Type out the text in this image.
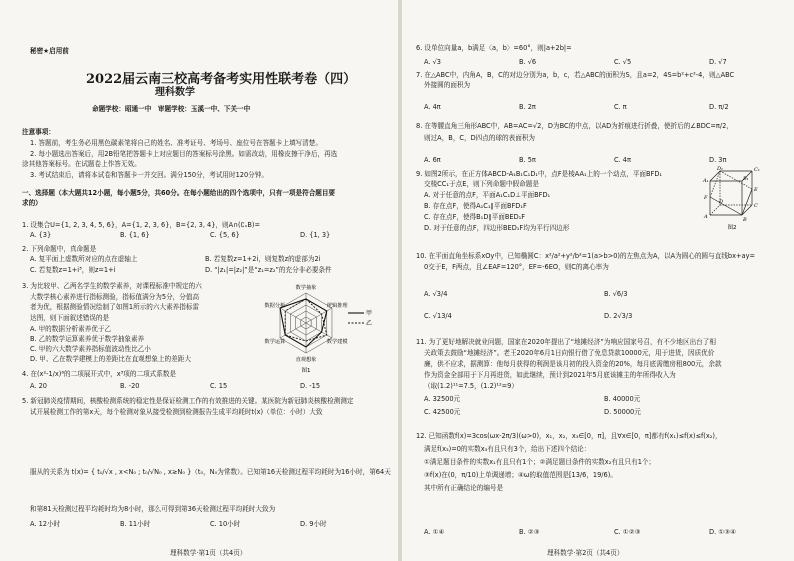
秘密★启用前
2022届云南三校高考备考实用性联考卷（四）
理科数学
命题学校：昭通一中　审题学校：玉溪一中、下关一中
注意事项：
1. 答题前，考生务必用黑色碳素笔将自己的姓名、准考证号、考场号、座位号在答题卡上填写清楚。
2. 每小题选出答案后，用2B铅笔把答题卡上对应题目的答案标号涂黑。如需改动，用橡皮擦干净后，再选
涂其他答案标号。在试题卷上作答无效。
3. 考试结束后，请将本试卷和答题卡一并交回。满分150分，考试用时120分钟。
一、选择题（本大题共12小题，每小题5分，共60分。在每小题给出的四个选项中，只有一项是符合题目要
求的）
1. 设集合U={1, 2, 3, 4, 5, 6}，A={1, 2, 3, 6}，B={2, 3, 4}，则A∩(∁ᵤB)=
A. {3}	B. {1, 6}	C. {5, 6}	D. {1, 3}
2. 下列命题中，真命题是
A. 复平面上虚数所对应的点在虚轴上	B. 若复数z=1+2i，则复数z的虚部为2i
C. 若复数z=1+i³，则z=1+i	D. “|z₁|=|z₂|”是“z₁=z₂”的充分非必要条件
3. 为比较甲、乙两名学生的数学素养，对课程标准中规定的六
大数学核心素养进行指标测验，指标值满分为5分，分值高
者为优，根据测验情况绘制了如图1所示的六大素养指标雷
达图，则下面叙述错误的是
A. 甲的数据分析素养优于乙
B. 乙的数学运算素养优于数学抽象素养
C. 甲的六大数学素养指标值波动性比乙小
D. 甲、乙在数学建模上的差距比在直观想象上的差距大
4. 在(x²-1/x)⁶的二项展开式中，x³项的二项式系数是
A. 20	B. -20	C. 15	D. -15
5. 新冠肺炎疫情期间，核酸检测系统的稳定性是保证检测工作的有效推进的关键。某医院为新冠肺炎核酸检测测定
试开展检测工作的第x天，每个检测对象从接受检测到检测报告生成平均耗时t(x)（单位：小时）大致
服从的关系为 t(x)= { t₀/√x , x<N₀ ; t₀/√N₀ , x≥N₀ }（t₀，N₀为常数）。已知第16天检测过程平均耗时为16小时，第64天
和第81天检测过程平均耗时均为8小时，那么可得到第36天检测过程平均耗时大致为
A. 12小时	B. 11小时	C. 10小时	D. 9小时
数学抽象
逻辑推理
数学建模
直观想象
数学运算
数据分析
甲
乙
图1
理科数学·第1页（共4页）
6. 设单位向量a，b满足〈a，b〉=60°，则|a+2b|=
A. √3	B. √6	C. √5	D. √7
7. 在△ABC中，内角A，B，C的对边分别为a，b，c，若△ABC的面积为S，且a=2，4S=b²+c²-4，则△ABC
外接圆的面积为
A. 4π	B. 2π	C. π	D. π/2
8. 在等腰直角三角形ABC中，AB=AC=√2，D为BC的中点，以AD为折痕进行折叠，使折后的∠BDC=π/2，
则过A，B，C，D四点的球的表面积为
A. 6π	B. 5π	C. 4π	D. 3π
9. 如图2所示，在正方体ABCD-A₁B₁C₁D₁中，点F是棱AA₁上的一个动点，平面BFD₁
交棱CC₁于点E，则下列命题中假命题是
A. 对于任意的点F，平面A₁C₁D⊥平面BFD₁
B. 存在点F，使得A₁C₁∥平面BFD₁F
C. 存在点F，使得B₁D∥平面BED₁F
D. 对于任意的点F，四边形BED₁F均为平行四边形
10. 在平面直角坐标系xOy中，已知椭圆C：x²/a²+y²/b²=1(a>b>0)的左焦点为A，以A为圆心的圆与直线bx+ay=
0交于E，F两点，且∠EAF=120°，EF=-6EO，则C的离心率为
A. √3/4	B. √6/3
C. √13/4	D. 2√3/3
11. 为了更好地解决就业问题，国家在2020年提出了“地摊经济”为响应国家号召，有不少地区出台了相
关政策去鼓励“地摊经济”。老王2020年6月1日向银行借了免息贷款10000元，用于进货，因质优价
廉，供不应求，据测算：他每月获得的利润是该月初的投入资金的20%，每月底需缴房租800元，余款
作为资金全部用于下月再进货，如此继续，预计到2021年5月底该摊主的年所得收入为
（取(1.2)¹¹=7.5，(1.2)¹²=9）
A. 32500元	B. 40000元
C. 42500元	D. 50000元
12. 已知函数f(x)=3cos(ωx-2π/3)(ω>0)，x₁，x₂，x₃∈[0，π]，且∀x∈[0，π]都有f(x₁)≤f(x)≤f(x₂)，
满足f(x₃)=0的实数x₃有且只有3个，给出下述四个结论：
①满足题目条件的实数x₁有且只有1个；②满足题目条件的实数x₂有且只有1个；
③f(x)在(0，π/10)上单调递增；④ω的取值范围是[13/6，19/6)。
其中所有正确结论的编号是
A. ①④	B. ②③	C. ①②③	D. ①③④
D₁
A₁	B₁
C₁
F
E
D
C
A	B
图2
理科数学·第2页（共4页）
